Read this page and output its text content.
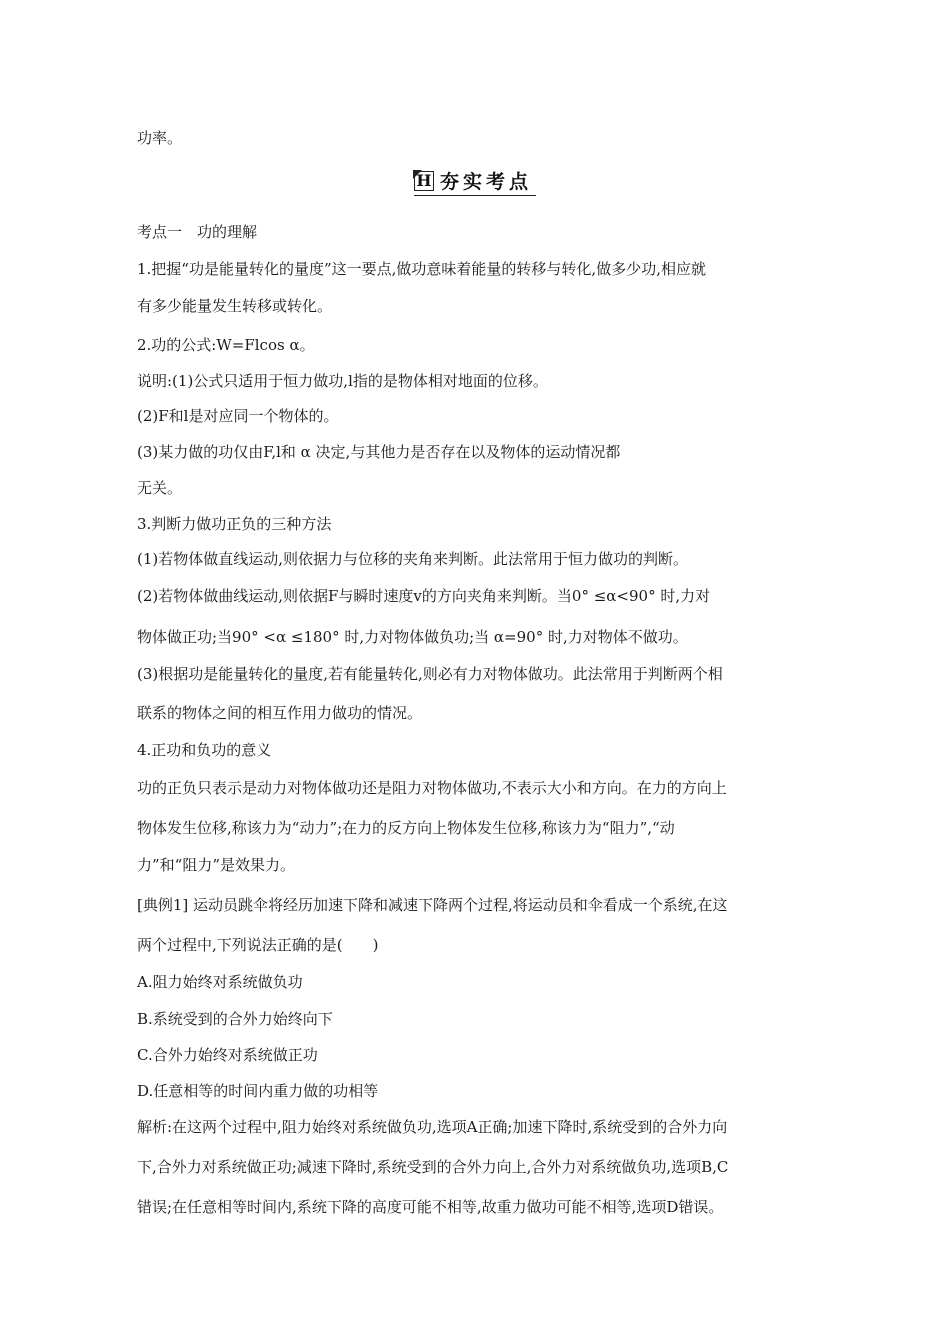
功率。
H 夯实考点
考点一　功的理解
1.把握“功是能量转化的量度”这一要点,做功意味着能量的转移与转化,做多少功,相应就
有多少能量发生转移或转化。
2.功的公式:W=Flcos α。
说明:(1)公式只适用于恒力做功,l指的是物体相对地面的位移。
(2)F和l是对应同一个物体的。
(3)某力做的功仅由F,l和 α 决定,与其他力是否存在以及物体的运动情况都
无关。
3.判断力做功正负的三种方法
(1)若物体做直线运动,则依据力与位移的夹角来判断。此法常用于恒力做功的判断。
(2)若物体做曲线运动,则依据F与瞬时速度v的方向夹角来判断。当0° ≤α<90° 时,力对
物体做正功;当90° <α ≤180° 时,力对物体做负功;当 α=90° 时,力对物体不做功。
(3)根据功是能量转化的量度,若有能量转化,则必有力对物体做功。此法常用于判断两个相
联系的物体之间的相互作用力做功的情况。
4.正功和负功的意义
功的正负只表示是动力对物体做功还是阻力对物体做功,不表示大小和方向。在力的方向上
物体发生位移,称该力为“动力”;在力的反方向上物体发生位移,称该力为“阻力”,“动
力”和“阻力”是效果力。
[典例1] 运动员跳伞将经历加速下降和减速下降两个过程,将运动员和伞看成一个系统,在这
两个过程中,下列说法正确的是(　　)
A.阻力始终对系统做负功
B.系统受到的合外力始终向下
C.合外力始终对系统做正功
D.任意相等的时间内重力做的功相等
解析:在这两个过程中,阻力始终对系统做负功,选项A正确;加速下降时,系统受到的合外力向
下,合外力对系统做正功;减速下降时,系统受到的合外力向上,合外力对系统做负功,选项B,C
错误;在任意相等时间内,系统下降的高度可能不相等,故重力做功可能不相等,选项D错误。
